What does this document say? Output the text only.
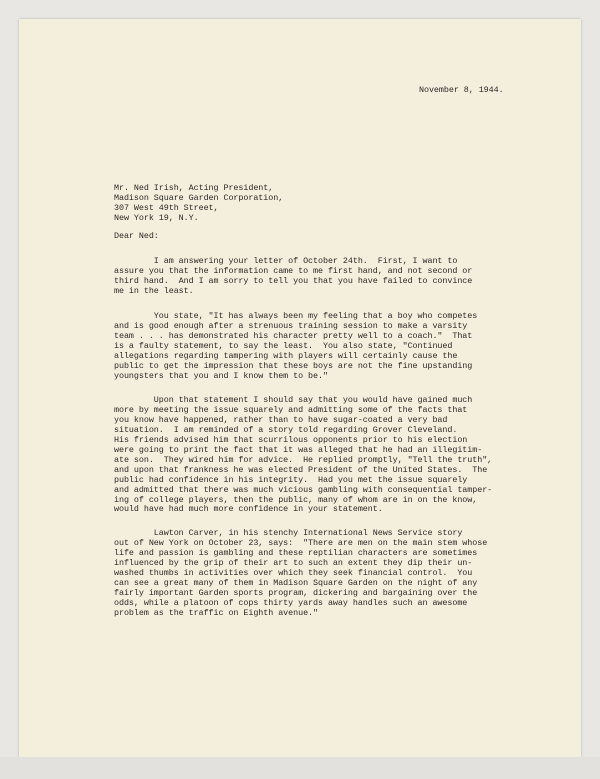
November 8, 1944.

Mr. Ned Irish, Acting President,

Madison Square Garden Corporation,

307 West 49th Street,

New York 19, N.Y.

Dear Ned:

I am answering your letter of October 24th.  First, I want to
assure you that the information came to me first hand, and not second or
third hand.  And I am sorry to tell you that you have failed to convince
me in the least.
You state, "It has always been my feeling that a boy who competes
and is good enough after a strenuous training session to make a varsity
team . . . has demonstrated his character pretty well to a coach."  That
is a faulty statement, to say the least.  You also state, "Continued
allegations regarding tampering with players will certainly cause the
public to get the impression that these boys are not the fine upstanding
youngsters that you and I know them to be."
Upon that statement I should say that you would have gained much
more by meeting the issue squarely and admitting some of the facts that
you know have happened, rather than to have sugar-coated a very bad
situation.  I am reminded of a story told regarding Grover Cleveland.
His friends advised him that scurrilous opponents prior to his election
were going to print the fact that it was alleged that he had an illegitim-
ate son.  They wired him for advice.  He replied promptly, "Tell the truth",
and upon that frankness he was elected President of the United States.  The
public had confidence in his integrity.  Had you met the issue squarely
and admitted that there was much vicious gambling with consequential tamper-
ing of college players, then the public, many of whom are in on the know,
would have had much more confidence in your statement.
Lawton Carver, in his stenchy International News Service story
out of New York on October 23, says:  "There are men on the main stem whose
life and passion is gambling and these reptilian characters are sometimes
influenced by the grip of their art to such an extent they dip their un-
washed thumbs in activities over which they seek financial control.  You
can see a great many of them in Madison Square Garden on the night of any
fairly important Garden sports program, dickering and bargaining over the
odds, while a platoon of cops thirty yards away handles such an awesome
problem as the traffic on Eighth avenue."
